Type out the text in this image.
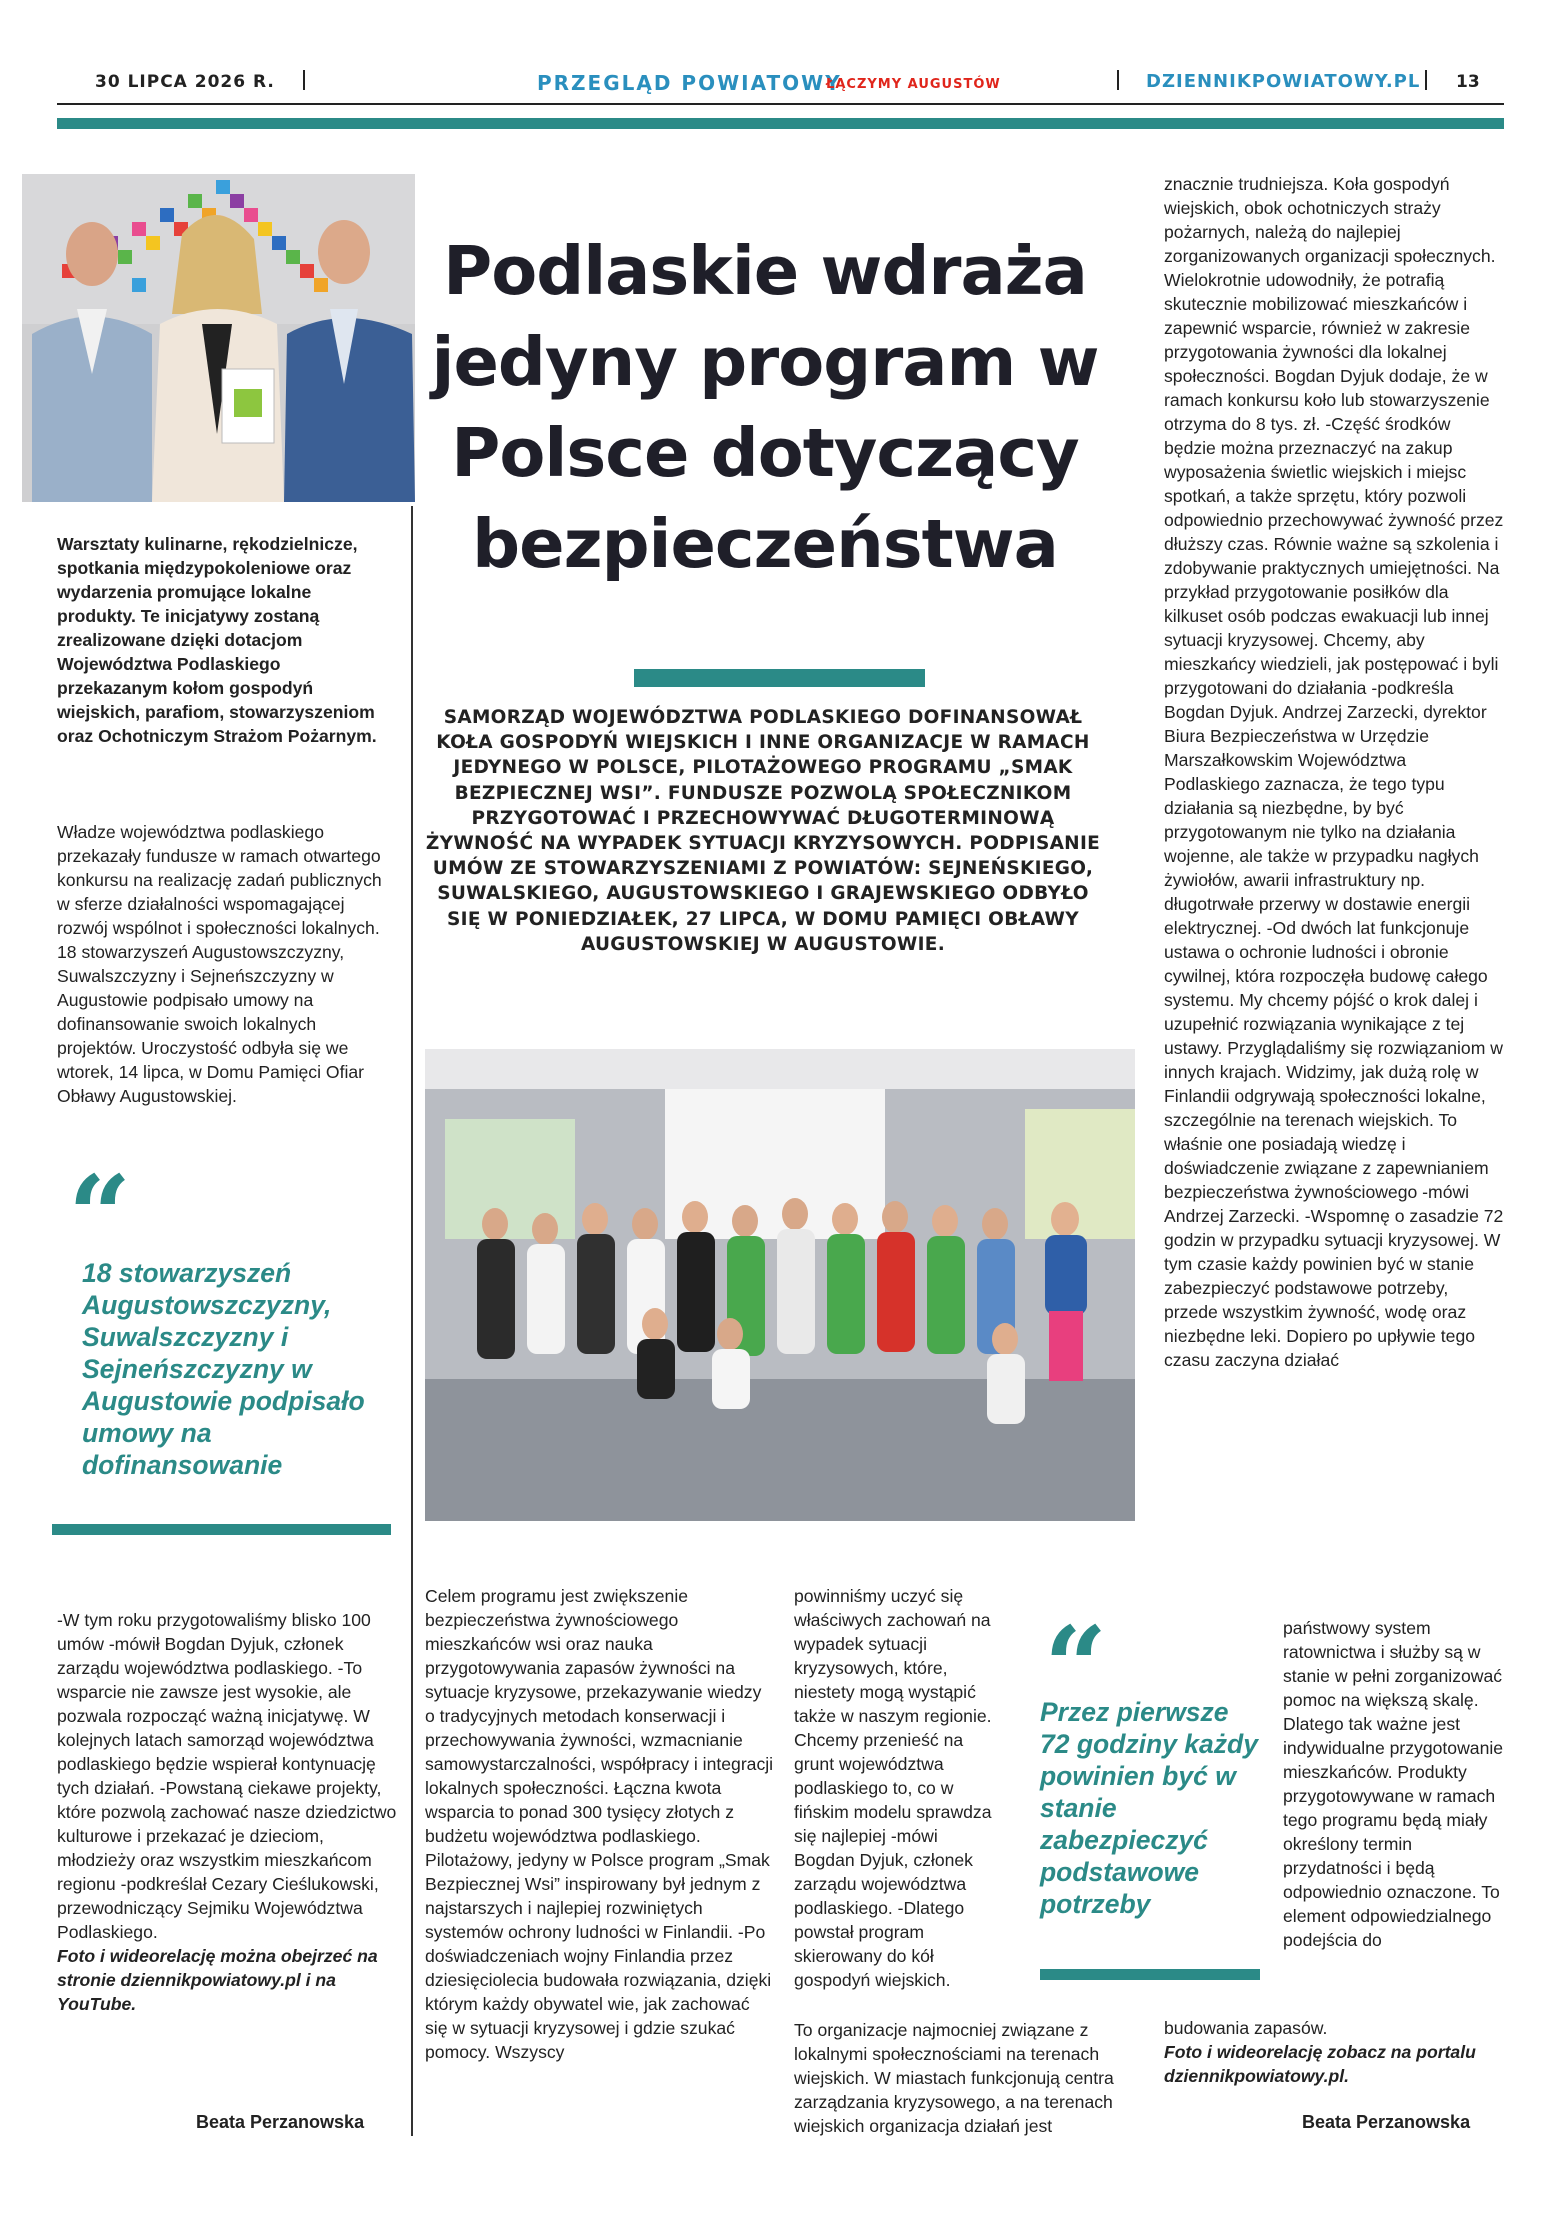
30 LIPCA 2026 R.	PRZEGLĄD POWIATOWY
ŁĄCZYMY AUGUSTÓW	DZIENNIKPOWIATOWY.PL 13
Podlaskie wdraża jedyny program w Polsce dotyczący bezpieczeństwa
SAMORZĄD WOJEWÓDZTWA PODLASKIEGO DOFINANSOWAŁ KOŁA GOSPODYŃ WIEJSKICH I INNE ORGANIZACJE W RAMACH JEDYNEGO W POLSCE, PILOTAŻOWEGO PROGRAMU „SMAK BEZPIECZNEJ WSI”. FUNDUSZE POZWOLĄ SPOŁECZNIKOM PRZYGOTOWAĆ I PRZECHOWYWAĆ DŁUGOTERMINOWĄ ŻYWNOŚĆ NA WYPADEK SYTUACJI KRYZYSOWYCH. PODPISANIE UMÓW ZE STOWARZYSZENIAMI Z POWIATÓW: SEJNEŃSKIEGO, SUWALSKIEGO, AUGUSTOWSKIEGO I GRAJEWSKIEGO ODBYŁO SIĘ W PONIEDZIAŁEK, 27 LIPCA, W DOMU PAMIĘCI OBŁAWY AUGUSTOWSKIEJ W AUGUSTOWIE.
Warsztaty kulinarne, rękodzielnicze, spotkania międzypokoleniowe oraz wydarzenia promujące lokalne produkty. Te inicjatywy zostaną zrealizowane dzięki dotacjom Województwa Podlaskiego przekazanym kołom gospodyń wiejskich, parafiom, stowarzyszeniom oraz Ochotniczym Strażom Pożarnym.

Władze województwa podlaskiego przekazały fundusze w ramach otwartego konkursu na realizację zadań publicznych w sferze działalności wspomagającej rozwój wspólnot i społeczności lokalnych. 18 stowarzyszeń Augustowszczyzny, Suwalszczyzny i Sejneńszczyzny w Augustowie podpisało umowy na dofinansowanie swoich lokalnych projektów. Uroczystość odbyła się we wtorek, 14 lipca, w Domu Pamięci Ofiar Obławy Augustowskiej.

“
18 stowarzyszeń Augustowszczyzny, Suwalszczyzny i Sejneńszczyzny w Augustowie podpisało umowy na dofinansowanie

-W tym roku przygotowaliśmy blisko 100 umów -mówił Bogdan Dyjuk, członek zarządu województwa podlaskiego. -To wsparcie nie zawsze jest wysokie, ale pozwala rozpocząć ważną inicjatywę. W kolejnych latach samorząd województwa podlaskiego będzie wspierał kontynuację tych działań. -Powstaną ciekawe projekty, które pozwolą zachować nasze dziedzictwo kulturowe i przekazać je dzieciom, młodzieży oraz wszystkim mieszkańcom regionu -podkreślał Cezary Cieślukowski, przewodniczący Sejmiku Województwa Podlaskiego.

Foto i wideorelację można obejrzeć na stronie dziennikpowiatowy.pl i na YouTube.

Beata Perzanowska

Celem programu jest zwiększenie bezpieczeństwa żywnościowego mieszkańców wsi oraz nauka przygotowywania zapasów żywności na sytuacje kryzysowe, przekazywanie wiedzy o tradycyjnych metodach konserwacji i przechowywania żywności, wzmacnianie samowystarczalności, współpracy i integracji lokalnych społeczności. Łączna kwota wsparcia to ponad 300 tysięcy złotych z budżetu województwa podlaskiego. Pilotażowy, jedyny w Polsce program „Smak Bezpiecznej Wsi” inspirowany był jednym z najstarszych i najlepiej rozwiniętych systemów ochrony ludności w Finlandii. -Po doświadczeniach wojny Finlandia przez dziesięciolecia budowała rozwiązania, dzięki którym każdy obywatel wie, jak zachować się w sytuacji kryzysowej i gdzie szukać pomocy. Wszyscy

powinniśmy uczyć się właściwych zachowań na wypadek sytuacji kryzysowych, które, niestety mogą wystąpić także w naszym regionie. Chcemy przenieść na grunt województwa podlaskiego to, co w fińskim modelu sprawdza się najlepiej -mówi Bogdan Dyjuk, członek zarządu województwa podlaskiego. -Dlatego powstał program skierowany do kół gospodyń wiejskich.

To organizacje najmocniej związane z lokalnymi społecznościami na terenach wiejskich. W miastach funkcjonują centra zarządzania kryzysowego, a na terenach wiejskich organizacja działań jest

“
Przez pierwsze 72 godziny każdy powinien być w stanie zabezpieczyć podstawowe potrzeby

znacznie trudniejsza. Koła gospodyń wiejskich, obok ochotniczych straży pożarnych, należą do najlepiej zorganizowanych organizacji społecznych. Wielokrotnie udowodniły, że potrafią skutecznie mobilizować mieszkańców i zapewnić wsparcie, również w zakresie przygotowania żywności dla lokalnej społeczności. Bogdan Dyjuk dodaje, że w ramach konkursu koło lub stowarzyszenie otrzyma do 8 tys. zł. -Część środków będzie można przeznaczyć na zakup wyposażenia świetlic wiejskich i miejsc spotkań, a także sprzętu, który pozwoli odpowiednio przechowywać żywność przez dłuższy czas. Równie ważne są szkolenia i zdobywanie praktycznych umiejętności. Na przykład przygotowanie posiłków dla kilkuset osób podczas ewakuacji lub innej sytuacji kryzysowej. Chcemy, aby mieszkańcy wiedzieli, jak postępować i byli przygotowani do działania -podkreśla Bogdan Dyjuk. Andrzej Zarzecki, dyrektor Biura Bezpieczeństwa w Urzędzie Marszałkowskim Województwa Podlaskiego zaznacza, że tego typu działania są niezbędne, by być przygotowanym nie tylko na działania wojenne, ale także w przypadku nagłych żywiołów, awarii infrastruktury np. długotrwałe przerwy w dostawie energii elektrycznej. -Od dwóch lat funkcjonuje ustawa o ochronie ludności i obronie cywilnej, która rozpoczęła budowę całego systemu. My chcemy pójść o krok dalej i uzupełnić rozwiązania wynikające z tej ustawy. Przyglądaliśmy się rozwiązaniom w innych krajach. Widzimy, jak dużą rolę w Finlandii odgrywają społeczności lokalne, szczególnie na terenach wiejskich. To właśnie one posiadają wiedzę i doświadczenie związane z zapewnianiem bezpieczeństwa żywnościowego -mówi Andrzej Zarzecki. -Wspomnę o zasadzie 72 godzin w przypadku sytuacji kryzysowej. W tym czasie każdy powinien być w stanie zabezpieczyć podstawowe potrzeby, przede wszystkim żywność, wodę oraz niezbędne leki. Dopiero po upływie tego czasu zaczyna działać

państwowy system ratownictwa i służby są w stanie w pełni zorganizować pomoc na większą skalę. Dlatego tak ważne jest indywidualne przygotowanie mieszkańców. Produkty przygotowywane w ramach tego programu będą miały określony termin przydatności i będą odpowiednio oznaczone. To element odpowiedzialnego podejścia do

budowania zapasów.

Foto i wideorelację zobacz na portalu dziennikpowiatowy.pl.

Beata Perzanowska
